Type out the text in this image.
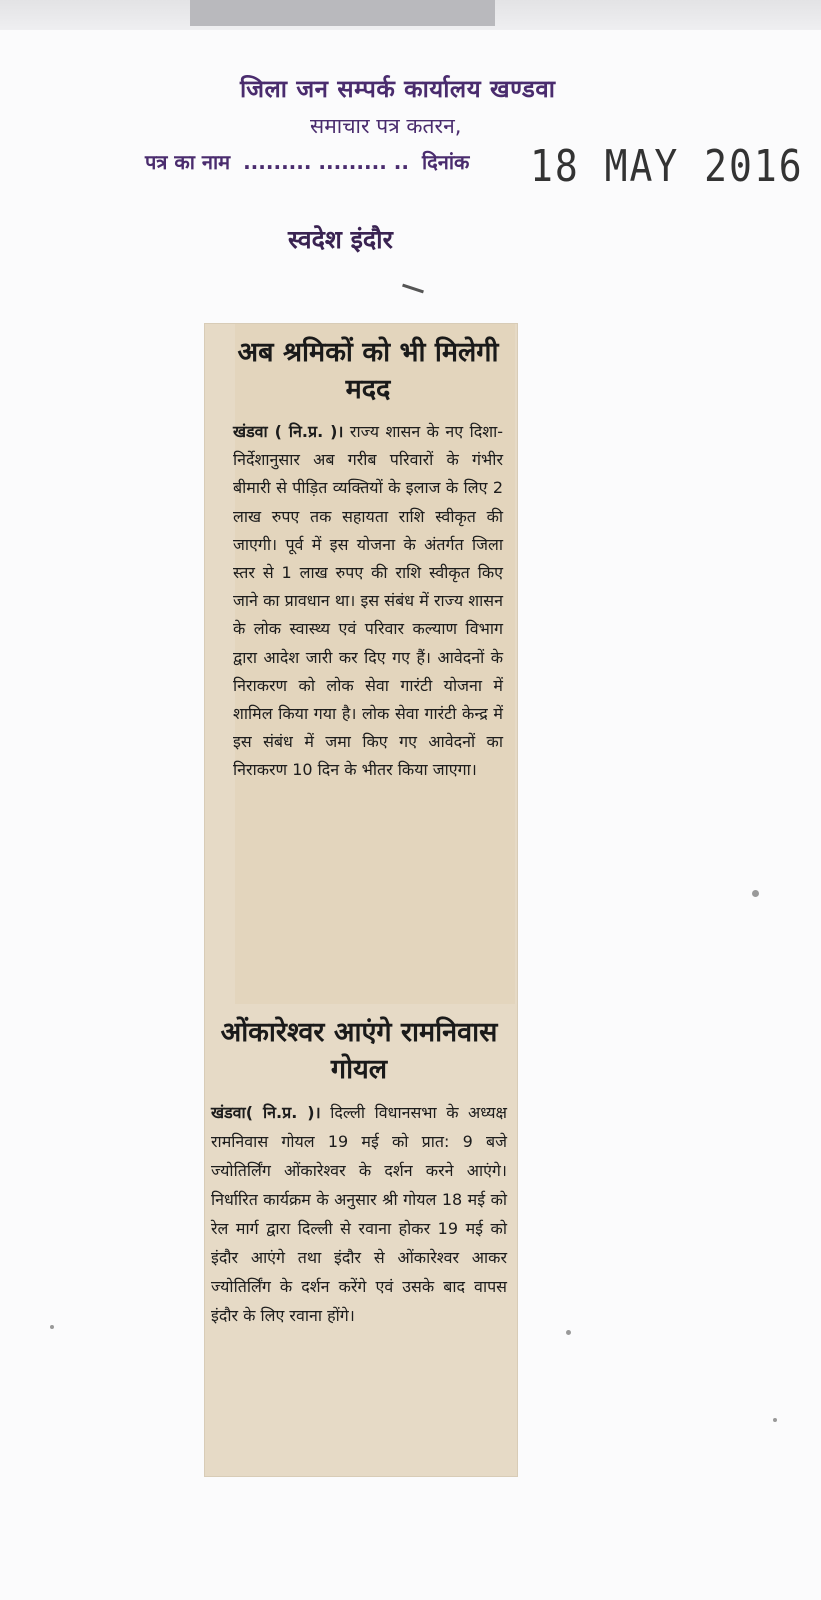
जिला जन सम्पर्क कार्यालय खण्डवा
समाचार पत्र कतरन,
पत्र का नाम ......... ......... .. दिनांक 18 MAY 2016
स्वदेश इंदौर
अब श्रमिकों को भी मिलेगी मदद

खंडवा ( नि.प्र. )। राज्य शासन के नए दिशा-निर्देशानुसार अब गरीब परिवारों के गंभीर बीमारी से पीड़ित व्यक्तियों के इलाज के लिए 2 लाख रुपए तक सहायता राशि स्वीकृत की जाएगी। पूर्व में इस योजना के अंतर्गत जिला स्तर से 1 लाख रुपए की राशि स्वीकृत किए जाने का प्रावधान था। इस संबंध में राज्य शासन के लोक स्वास्थ्य एवं परिवार कल्याण विभाग द्वारा आदेश जारी कर दिए गए हैं। आवेदनों के निराकरण को लोक सेवा गारंटी योजना में शामिल किया गया है। लोक सेवा गारंटी केन्द्र में इस संबंध में जमा किए गए आवेदनों का निराकरण 10 दिन के भीतर किया जाएगा।

ओंकारेश्वर आएंगे रामनिवास गोयल

खंडवा( नि.प्र. )। दिल्ली विधानसभा के अध्यक्ष रामनिवास गोयल 19 मई को प्रात: 9 बजे ज्योतिर्लिंग ओंकारेश्वर के दर्शन करने आएंगे। निर्धारित कार्यक्रम के अनुसार श्री गोयल 18 मई को रेल मार्ग द्वारा दिल्ली से रवाना होकर 19 मई को इंदौर आएंगे तथा इंदौर से ओंकारेश्वर आकर ज्योतिर्लिंग के दर्शन करेंगे एवं उसके बाद वापस इंदौर के लिए रवाना होंगे।
